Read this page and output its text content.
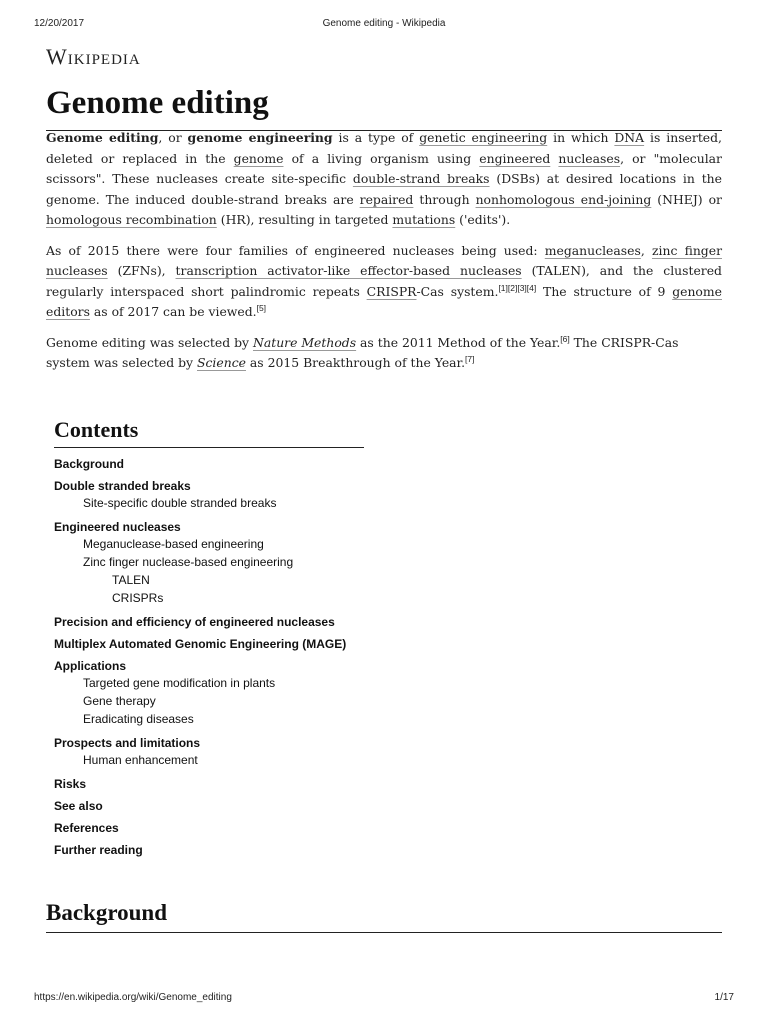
12/20/2017	Genome editing - Wikipedia
Wikipedia
Genome editing

Genome editing, or genome engineering is a type of genetic engineering in which DNA is inserted, deleted or replaced in the genome of a living organism using engineered nucleases, or "molecular scissors". These nucleases create site-specific double-strand breaks (DSBs) at desired locations in the genome. The induced double-strand breaks are repaired through nonhomologous end-joining (NHEJ) or homologous recombination (HR), resulting in targeted mutations ('edits').

As of 2015 there were four families of engineered nucleases being used: meganucleases, zinc finger nucleases (ZFNs), transcription activator-like effector-based nucleases (TALEN), and the clustered regularly interspaced short palindromic repeats CRISPR-Cas system.[1][2][3][4] The structure of 9 genome editors as of 2017 can be viewed.[5]

Genome editing was selected by Nature Methods as the 2011 Method of the Year.[6] The CRISPR-Cas system was selected by Science as 2015 Breakthrough of the Year.[7]

Contents
Background
Double stranded breaks
Site-specific double stranded breaks
Engineered nucleases
Meganuclease-based engineering
Zinc finger nuclease-based engineering
TALEN
CRISPRs
Precision and efficiency of engineered nucleases
Multiplex Automated Genomic Engineering (MAGE)
Applications
Targeted gene modification in plants
Gene therapy
Eradicating diseases
Prospects and limitations
Human enhancement
Risks
See also
References
Further reading
Background
https://en.wikipedia.org/wiki/Genome_editing	1/17
